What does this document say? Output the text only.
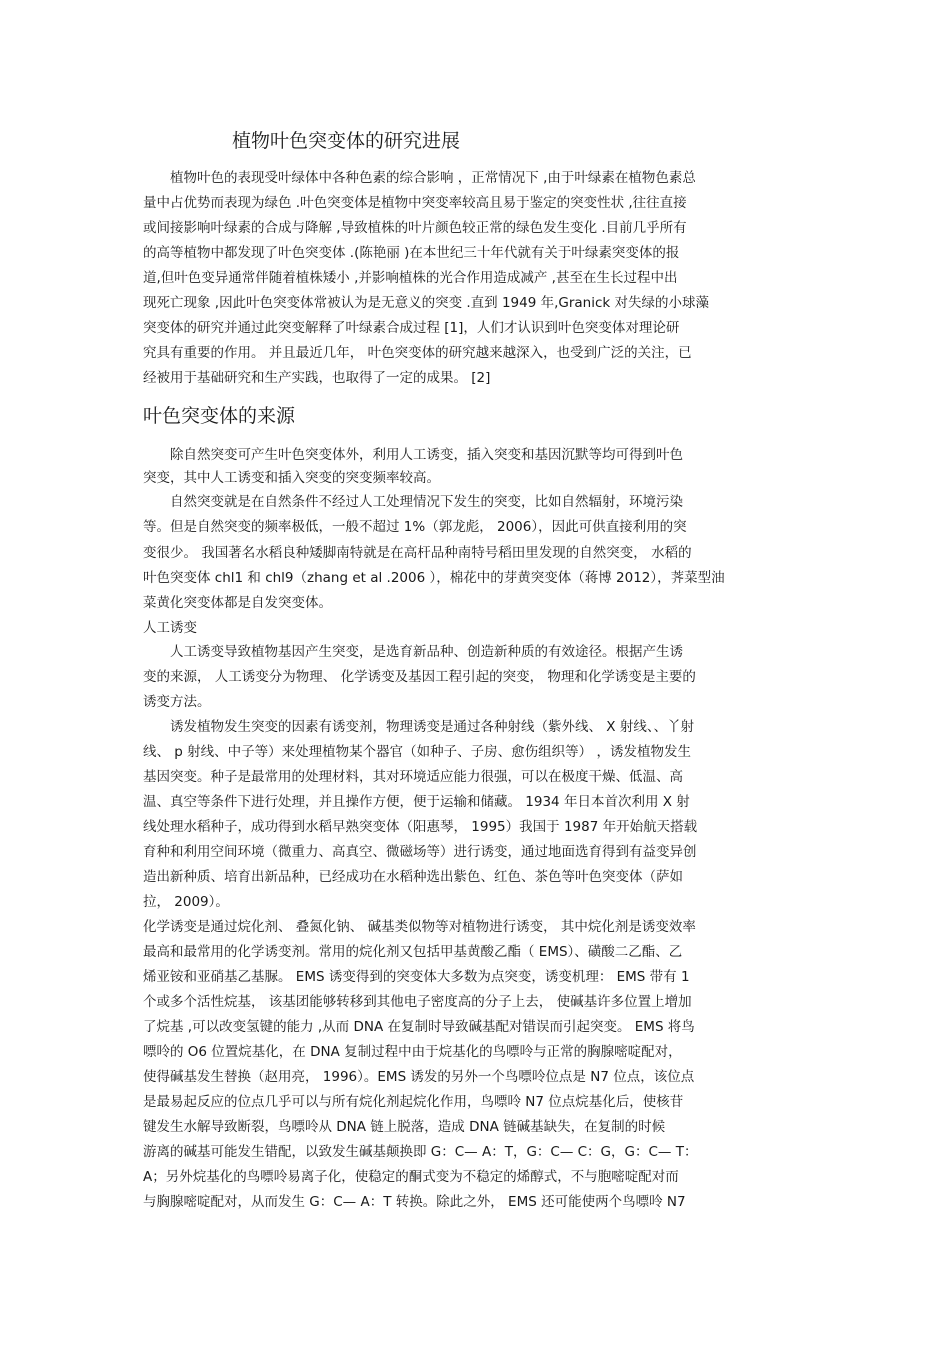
植物叶色突变体的研究进展
植物叶色的表现受叶绿体中各种色素的综合影响 ，正常情况下 ,由于叶绿素在植物色素总
量中占优势而表现为绿色 .叶色突变体是植物中突变率较高且易于鉴定的突变性状 ,往往直接
或间接影响叶绿素的合成与降解 ,导致植株的叶片颜色较正常的绿色发生变化 .目前几乎所有
的高等植物中都发现了叶色突变体 .(陈艳丽 )在本世纪三十年代就有关于叶绿素突变体的报
道,但叶色变异通常伴随着植株矮小 ,并影响植株的光合作用造成减产 ,甚至在生长过程中出
现死亡现象 ,因此叶色突变体常被认为是无意义的突变 .直到 1949 年,Granick 对失绿的小球藻
突变体的研究并通过此突变解释了叶绿素合成过程 [1]，人们才认识到叶色突变体对理论研
究具有重要的作用。 并且最近几年， 叶色突变体的研究越来越深入，也受到广泛的关注，已
经被用于基础研究和生产实践，也取得了一定的成果。 [2]
叶色突变体的来源
除自然突变可产生叶色突变体外，利用人工诱变，插入突变和基因沉默等均可得到叶色
突变，其中人工诱变和插入突变的突变频率较高。
自然突变就是在自然条件不经过人工处理情况下发生的突变，比如自然辐射，环境污染
等。但是自然突变的频率极低，一般不超过 1%（郭龙彪， 2006），因此可供直接利用的突
变很少。 我国著名水稻良种矮脚南特就是在高杆品种南特号稻田里发现的自然突变， 水稻的
叶色突变体 chl1 和 chl9（zhang et al .2006 ），棉花中的芽黄突变体（蒋博 2012），荠菜型油
菜黄化突变体都是自发突变体。
人工诱变
人工诱变导致植物基因产生突变，是选育新品种、创造新种质的有效途径。根据产生诱
变的来源， 人工诱变分为物理、 化学诱变及基因工程引起的突变， 物理和化学诱变是主要的
诱变方法。
诱发植物发生突变的因素有诱变剂，物理诱变是通过各种射线（紫外线、 X 射线、、丫射
线、 p 射线、中子等）来处理植物某个器官（如种子、子房、愈伤组织等） ，诱发植物发生
基因突变。种子是最常用的处理材料，其对环境适应能力很强，可以在极度干燥、低温、高
温、真空等条件下进行处理，并且操作方便，便于运输和储藏。 1934 年日本首次利用 X 射
线处理水稻种子，成功得到水稻早熟突变体（阳惠琴， 1995）我国于 1987 年开始航天搭载
育种和利用空间环境（微重力、高真空、微磁场等）进行诱变，通过地面选育得到有益变异创
造出新种质、培育出新品种，已经成功在水稻种选出紫色、红色、茶色等叶色突变体（萨如
拉， 2009）。
化学诱变是通过烷化剂、 叠氮化钠、 碱基类似物等对植物进行诱变， 其中烷化剂是诱变效率
最高和最常用的化学诱变剂。常用的烷化剂又包括甲基黄酸乙酯（ EMS）、磺酸二乙酯、乙
烯亚铵和亚硝基乙基脲。 EMS 诱变得到的突变体大多数为点突变，诱变机理： EMS 带有 1
个或多个活性烷基， 该基团能够转移到其他电子密度高的分子上去， 使碱基许多位置上增加
了烷基 ,可以改变氢键的能力 ,从而 DNA 在复制时导致碱基配对错误而引起突变。 EMS 将鸟
嘌呤的 O6 位置烷基化，在 DNA 复制过程中由于烷基化的鸟嘌呤与正常的胸腺嘧啶配对，
使得碱基发生替换（赵用亮， 1996）。EMS 诱发的另外一个鸟嘌呤位点是 N7 位点，该位点
是最易起反应的位点几乎可以与所有烷化剂起烷化作用，鸟嘌呤 N7 位点烷基化后，使核苷
键发生水解导致断裂，鸟嘌呤从 DNA 链上脱落，造成 DNA 链碱基缺失，在复制的时候
游离的碱基可能发生错配，以致发生碱基颠换即 G：C— A：T，G：C— C：G，G：C— T：
A；另外烷基化的鸟嘌呤易离子化，使稳定的酮式变为不稳定的烯醇式，不与胞嘧啶配对而
与胸腺嘧啶配对，从而发生 G：C— A：T 转换。除此之外， EMS 还可能使两个鸟嘌呤 N7
